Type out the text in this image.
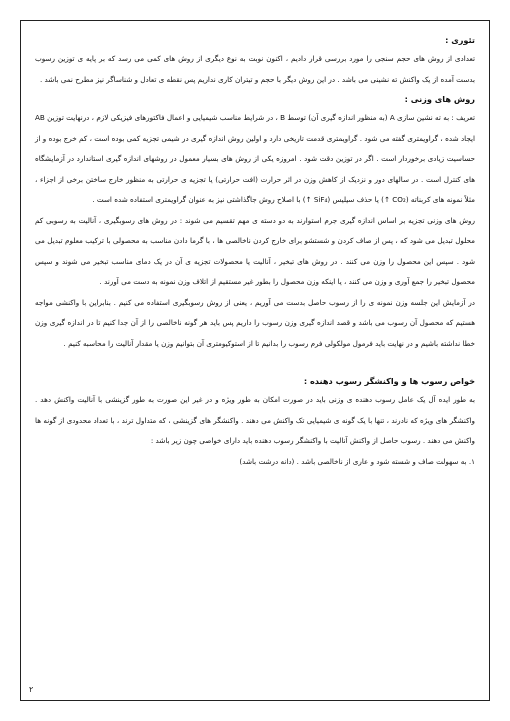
تئوری :

تعدادی از روش های حجم سنجی را مورد بررسی قرار دادیم ، اکنون نوبت به نوع دیگری از روش های کمی می رسد که بر پایه ی توزین رسوب بدست آمده از یک واکنش ته نشینی می باشد . در این روش دیگر با حجم و تیتران کاری نداریم پس نقطه ی تعادل و شناساگر نیز مطرح نمی باشد .

روش های وزنی :

تعریف : به ته نشین سازی A (به منظور اندازه گیری آن) توسط B ، در شرایط مناسب شیمیایی و اعمال فاکتورهای فیزیکی لازم ، درنهایت توزین AB ایجاد شده ، گراویمتری گفته می شود . گراویمتری قدمت تاریخی دارد و اولین روش اندازه گیری در شیمی تجزیه کمی بوده است ، کم خرج بوده و از حساسیت زیادی برخوردار است . اگر در توزین دقت شود . امروزه یکی از روش های بسیار معمول در روشهای اندازه گیری استاندارد در آزمایشگاه های کنترل است . در سالهای دور و نزدیک از کاهش وزن در اثر حرارت (افت حرارتی) یا تجزیه ی حرارتی به منظور خارج ساختن برخی از اجزاء ، مثلاً نمونه های کربناته (CO₂ ↑) یا حذف سیلیس (SiF₄ ↑) با اصلاح روش جاگذاشتی نیز به عنوان گراویمتری استفاده شده است .

روش های وزنی تجزیه بر اساس اندازه گیری جرم استوارند به دو دسته ی مهم تقسیم می شوند : در روش های رسوبگیری ، آنالیت به رسوبی کم محلول تبدیل می شود که ، پس از صاف کردن و شستشو برای خارج کردن ناخالصی ها ، با گرما دادن مناسب به محصولی با ترکیب معلوم تبدیل می شود . سپس این محصول را وزن می کنند . در روش های تبخیر ، آنالیت یا محصولات تجزیه ی آن در یک دمای مناسب تبخیر می شوند و سپس محصول تبخیر را جمع آوری و وزن می کنند ، یا اینکه وزن محصول را بطور غیر مستقیم از اتلاف وزن نمونه به دست می آورند .

در آزمایش این جلسه وزن نمونه ی را از رسوب حاصل بدست می آوریم ، یعنی از روش رسوبگیری استفاده می کنیم . بنابراین با واکنشی مواجه هستیم که محصول آن رسوب می باشد و قصد اندازه گیری وزن رسوب را داریم پس باید هر گونه ناخالصی را از آن جدا کنیم تا در اندازه گیری وزن خطا نداشته باشیم و در نهایت باید فرمول مولکولی فرم رسوب را بدانیم تا از استوکیومتری آن بتوانیم وزن یا مقدار آنالیت را محاسبه کنیم .

خواص رسوب ها و واکنشگر رسوب دهنده :

به طور ایده آل یک عامل رسوب دهنده ی وزنی باید در صورت امکان به طور ویژه و در غیر این صورت به طور گزینشی با آنالیت واکنش دهد . واکنشگر های ویژه که نادرند ، تنها با یک گونه ی شیمیایی تک واکنش می دهند . واکنشگر های گزینشی ، که متداول ترند ، با تعداد محدودی از گونه ها واکنش می دهند . رسوب حاصل از واکنش آنالیت با واکنشگر رسوب دهنده باید دارای خواصی چون زیر باشد :

۱. به سهولت صاف و شسته شود و عاری از ناخالصی باشد . (دانه درشت باشد)

۲
